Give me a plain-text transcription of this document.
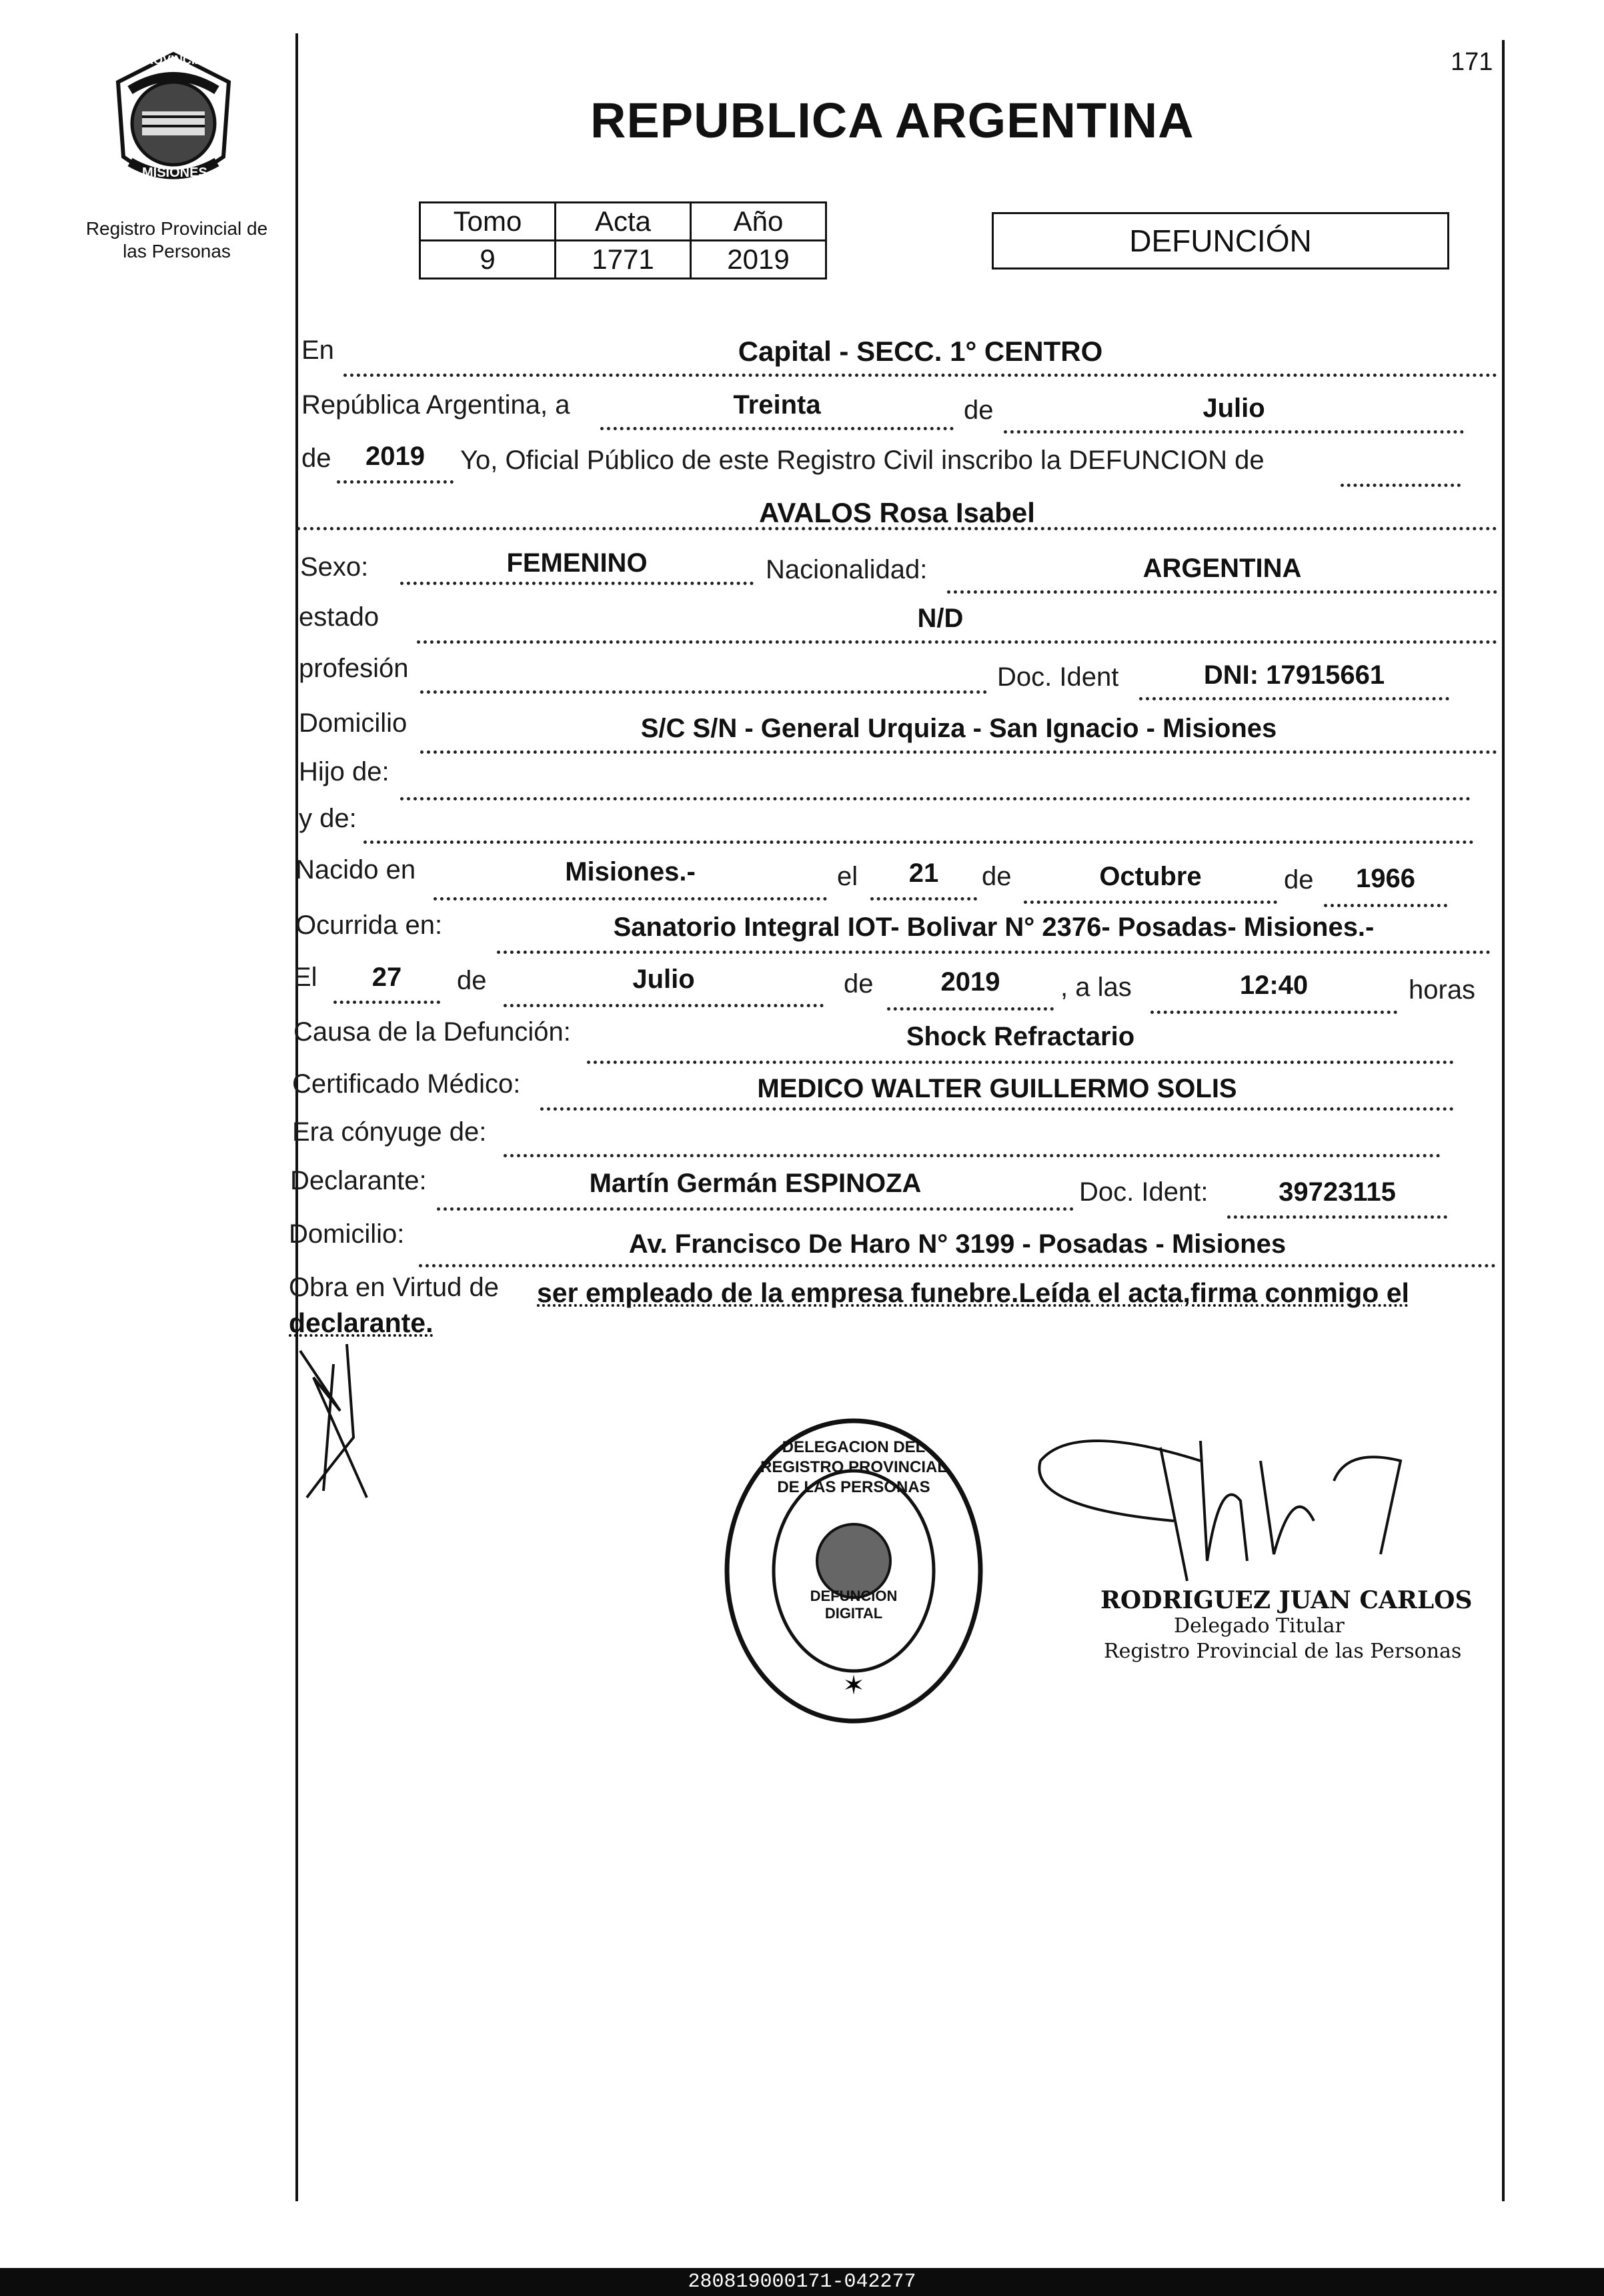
PROVINCIA DE
MISIONES
Registro Provincial de las Personas
171
REPUBLICA ARGENTINA
Tomo	Acta	Año
9	1771	2019
DEFUNCIÓN
En	Capital - SECC. 1° CENTRO
República Argentina, a	Treinta	de	Julio
de	2019	Yo, Oficial Público de este Registro Civil inscribo la DEFUNCION de
AVALOS Rosa Isabel
Sexo:	FEMENINO	Nacionalidad:	ARGENTINA
estado	N/D
profesión	Doc. Ident	DNI: 17915661
Domicilio	S/C S/N - General Urquiza - San Ignacio - Misiones
Hijo de:
y de:
Nacido en	Misiones.-	el	21	de	Octubre	de	1966
Ocurrida en:	Sanatorio Integral IOT- Bolivar N° 2376- Posadas- Misiones.-
El	27	de	Julio	de	2019	, a las	12:40	horas
Causa de la Defunción:	Shock Refractario
Certificado Médico:	MEDICO WALTER GUILLERMO SOLIS
Era cónyuge de:
Declarante:	Martín Germán ESPINOZA	Doc. Ident:	39723115
Domicilio:	Av. Francisco De Haro N° 3199 - Posadas - Misiones
Obra en Virtud de ser empleado de la empresa funebre.Leída el acta,firma conmigo el
declarante.
✶
DELEGACION DEL REGISTRO PROVINCIAL DE LAS PERSONAS
DEFUNCION DIGITAL	RODRIGUEZ JUAN CARLOS
Delegado Titular
Registro Provincial de las Personas
280819000171-042277
